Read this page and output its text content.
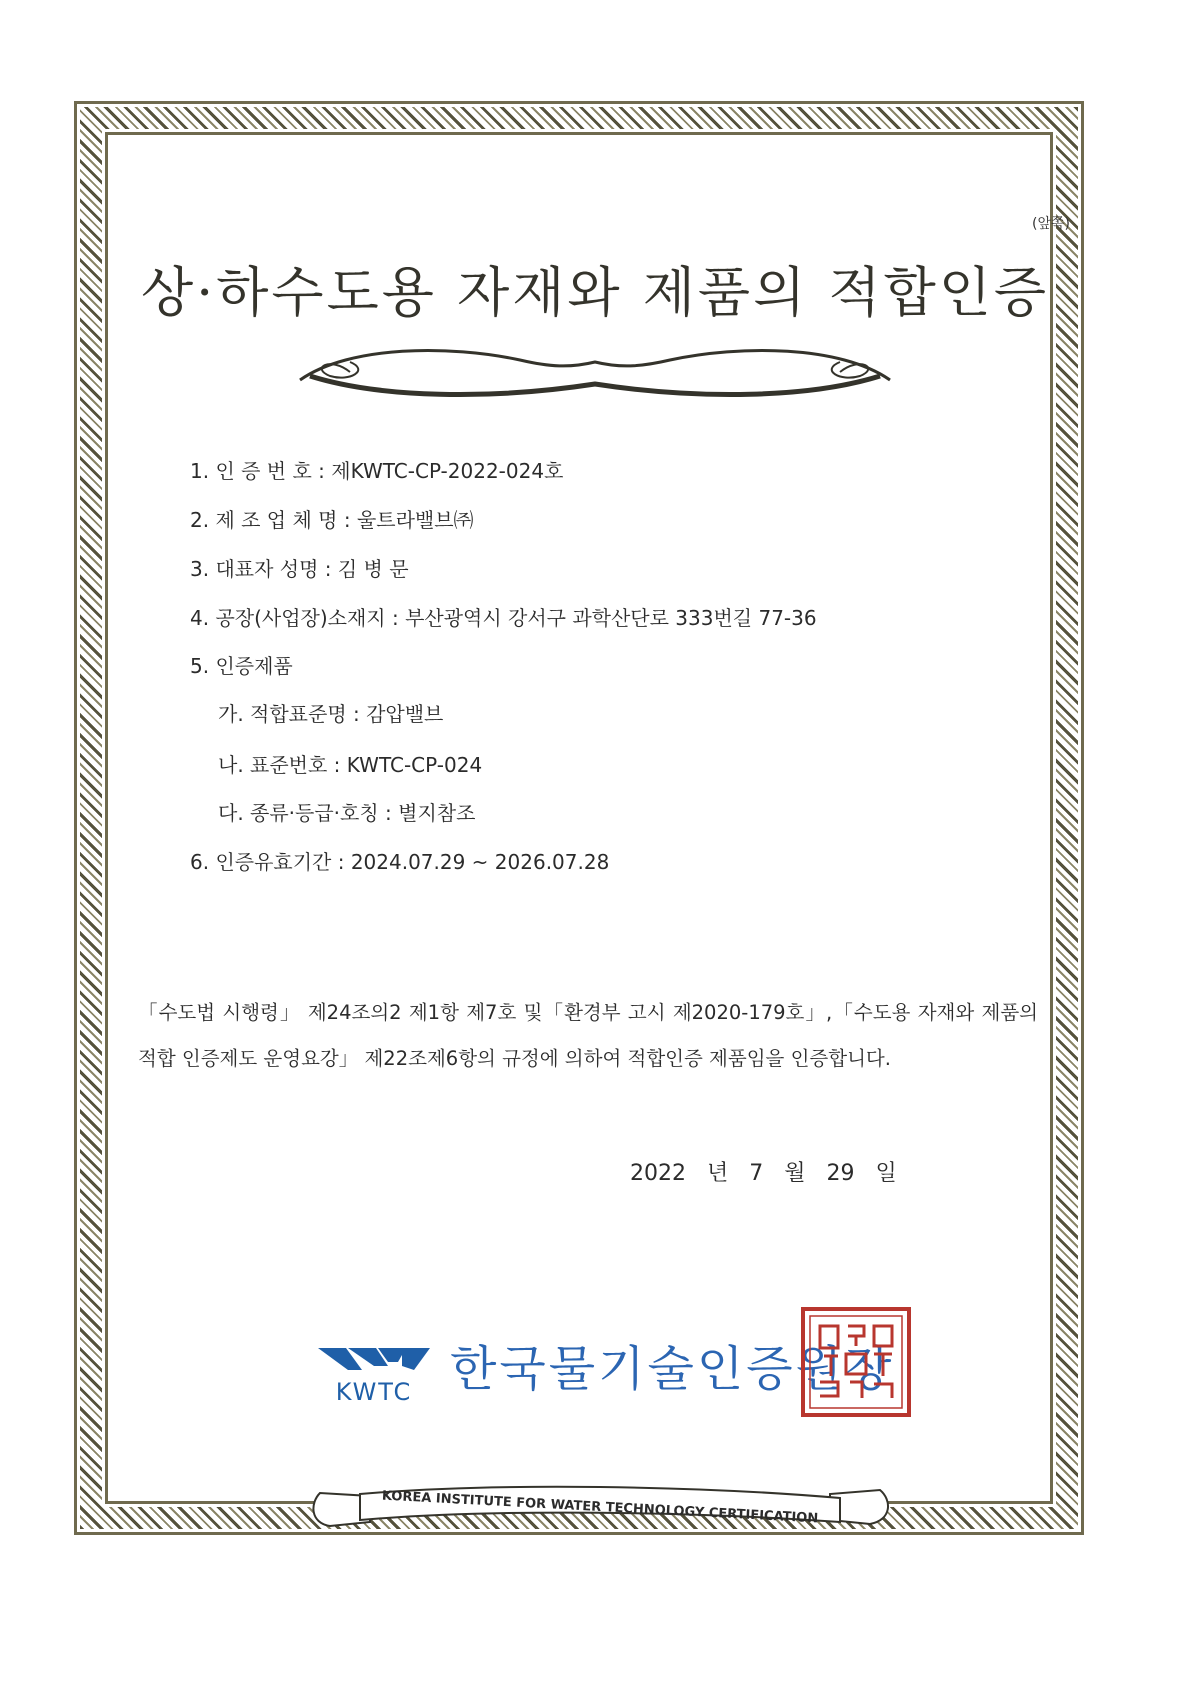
(앞쪽)
상·하수도용 자재와 제품의 적합인증
1. 인 증 번 호 : 제KWTC-CP-2022-024호
2. 제 조 업 체 명 : 울트라밸브㈜
3. 대표자 성명 : 김 병 문
4. 공장(사업장)소재지 : 부산광역시 강서구 과학산단로 333번길 77-36
5. 인증제품
가. 적합표준명 : 감압밸브
나. 표준번호 : KWTC-CP-024
다. 종류·등급·호칭 : 별지참조
6. 인증유효기간 : 2024.07.29 ~ 2026.07.28
「수도법 시행령」 제24조의2 제1항 제7호 및「환경부 고시 제2020-179호」,「수도용 자재와 제품의 적합 인증제도 운영요강」 제22조제6항의 규정에 의하여 적합인증 제품임을 인증합니다.
2022 년 7 월 29 일
KWTC 한국물기술인증원장
KOREA INSTITUTE FOR WATER TECHNOLOGY CERTIFICATION
